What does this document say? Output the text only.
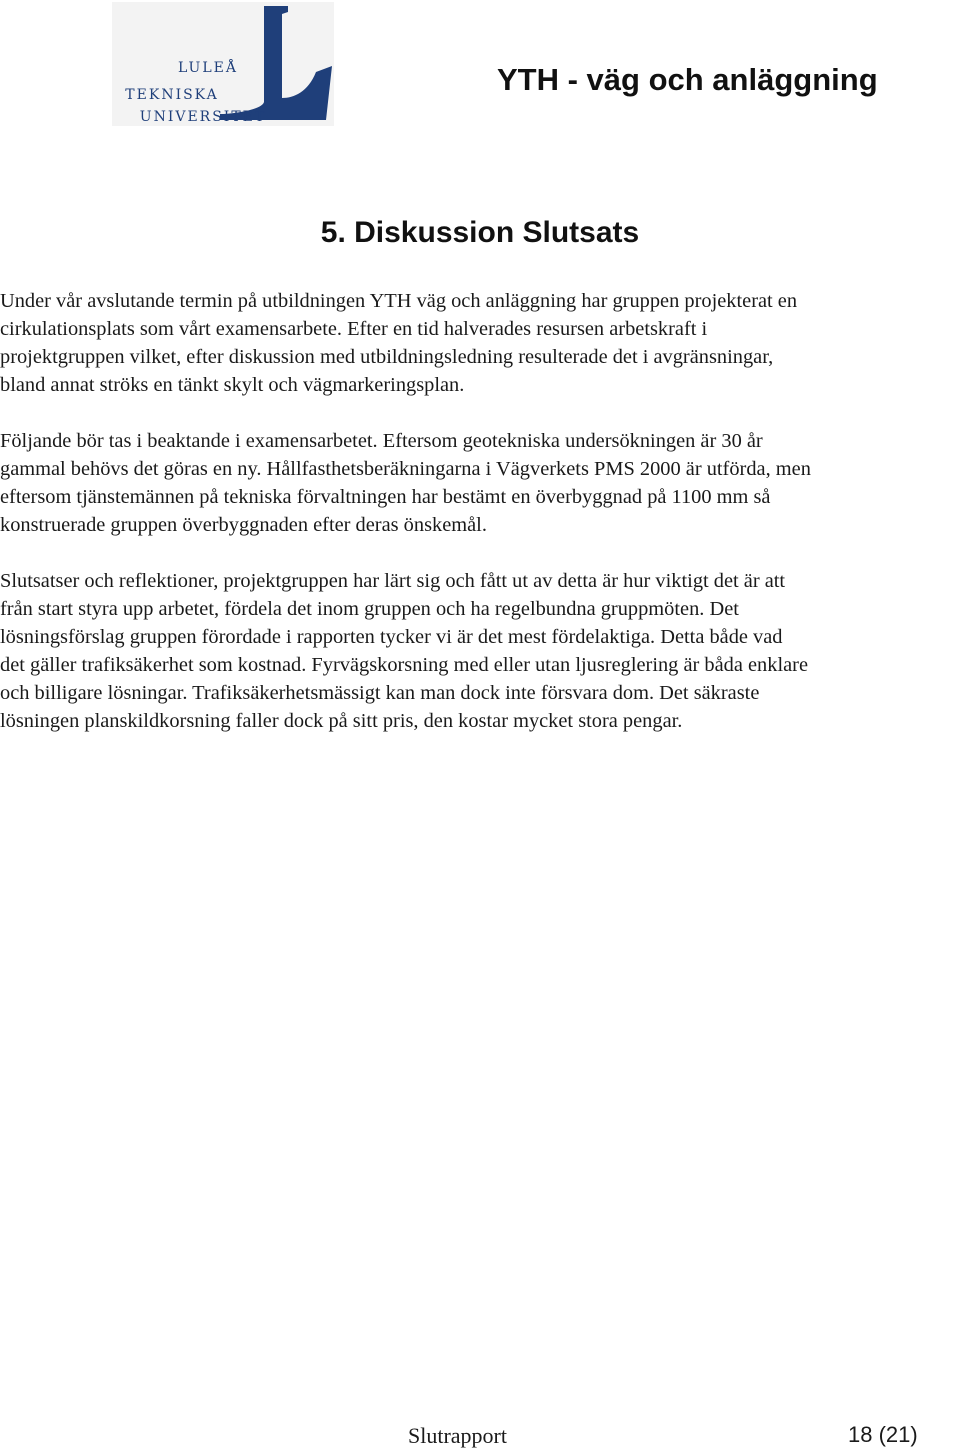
LULEÅ
TEKNISKA
UNIVERSITET
YTH - väg och anläggning
5. Diskussion Slutsats

Under vår avslutande termin på utbildningen YTH väg och anläggning har gruppen projekterat en
cirkulationsplats som vårt examensarbete. Efter en tid halverades resursen arbetskraft i
projektgruppen vilket, efter diskussion med utbildningsledning resulterade det i avgränsningar,
bland annat ströks en tänkt skylt och vägmarkeringsplan.

Följande bör tas i beaktande i examensarbetet. Eftersom geotekniska undersökningen är 30 år
gammal behövs det göras en ny. Hållfasthetsberäkningarna i Vägverkets PMS 2000 är utförda, men
eftersom tjänstemännen på tekniska förvaltningen har bestämt en överbyggnad på 1100 mm så
konstruerade gruppen överbyggnaden efter deras önskemål.

Slutsatser och reflektioner, projektgruppen har lärt sig och fått ut av detta är hur viktigt det är att
från start styra upp arbetet, fördela det inom gruppen och ha regelbundna gruppmöten. Det
lösningsförslag gruppen förordade i rapporten tycker vi är det mest fördelaktiga. Detta både vad
det gäller trafiksäkerhet som kostnad. Fyrvägskorsning med eller utan ljusreglering är båda enklare
och billigare lösningar. Trafiksäkerhetsmässigt kan man dock inte försvara dom. Det säkraste
lösningen planskildkorsning faller dock på sitt pris, den kostar mycket stora pengar.

Slutrapport	18 (21)
